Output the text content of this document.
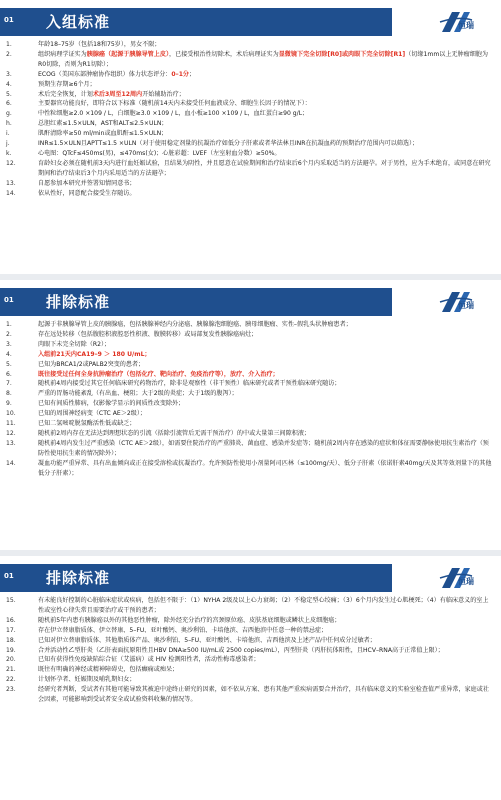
01 入组标准	恒瑞
1.	年龄18–75岁（包括18和75岁），男女不限；
2.	组织病理学证实为胰腺癌（起源于胰腺导管上皮），已接受根治性切除术，术后病理证实为显微镜下完全切除[R0]或肉眼下完全切除[R1]（切缘1mm以上无肿瘤细胞为R0切除，否则为R1切除）；
3.	ECOG（美国东部肿瘤协作组织）体力状态评分：0–1分；
4.	预期生存期≥6个月；
5.	术后完全恢复，计划术后3周至12周内开始辅助治疗；
6.	主要器官功能良好，即符合以下标准（随机前14天内未接受任何血液成分、细胞生长因子的情况下）：
g.	中性粒细胞≥2.0 ×109 / L，白细胞≥3.0 ×109 / L，血小板≥100 ×109 / L，血红蛋白≥90 g/L；
h.	总胆红素≤1.5×ULN，AST和ALT≤2.5×ULN；
i.	肌酐清除率≥50 ml/min或血肌酐≤1.5×ULN；
j.	INR≤1.5×ULN且APTT≤1.5 ×ULN（对于使用稳定剂量的抗凝治疗如低分子肝素或者华法林且INR在抗凝血药的预期治疗范围内可以筛选）；
k.	心电图：QTcF≤450ms(男)，≤470ms(女)；心脏彩超：LVEF（左室射血分数）≥50%。
12.	育龄妇女必须在随机前3天内进行血妊娠试验，且结果为阴性，并且愿意在试验期间和治疗结束后6个月内采取适当的方法避孕。对于男性，应为手术绝育，或同意在研究期间和治疗结束后3个月内采用适当的方法避孕；
13.	自愿参加本研究并签署知情同意书；
14.	依从性好，同意配合接受生存随访。
01 排除标准	恒瑞
1.	起源于非胰腺导管上皮的胰腺癌，包括胰腺神经内分泌癌、胰腺腺泡细胞癌、胰母细胞瘤、实性–假乳头状肿瘤患者；
2.	存在远处转移（包括腹腔积液腔恶性积液、腹膜转移）或局部复发性胰腺癌病灶；
3.	肉眼下未完全切除（R2）；
4.	入组前21天内CA19–9 ＞ 180 U/mL；
5.	已知为BRCA1/2或PALB2突变的患者；
6.	既往接受过任何全身抗肿瘤治疗（包括化疗、靶向治疗、免疫治疗等），放疗、介入治疗；
7.	随机前4周内接受过其它任何临床研究药物治疗，除非是观察性（非干预性）临床研究或者干预性临床研究随访；
8.	严重的胃肠功能紊乱（有出血、梗阻；大于2级的炎症；大于1级的腹泻）；
9.	已知有间质性肺病，仅影像学显示的间质性改变除外；
10.	已知的周围神经病变（CTC AE＞2级）；
11.	已知二氢嘧啶脱氢酶活性低或缺乏；
12.	随机前2周内存在无法达到理想状态的引流（括除引流管后无需干预治疗）的中或大量第三间隙积液；
13.	随机前4周内发生过严重感染（CTC AE＞2级），如需要住院治疗的严重肺炎、菌血症、感染并发症等；随机前2周内存在感染的症状和体征需要静脉使用抗生素治疗（预防性使用抗生素的情况除外）；
14.	凝血功能严重异常、具有出血倾向或正在接受溶栓或抗凝治疗。允许预防性使用小剂量阿司匹林（≤100mg/天）、低分子肝素（依诺肝素40mg/天及其等效剂量下的其他低分子肝素）；
01 排除标准	恒瑞
15.	有未能良好控制的心脏临床症状或疾病，包括但不限于：（1）NYHA 2级及以上心力衰竭；（2）不稳定型心绞痛；（3）6个月内发生过心肌梗死；（4）有临床意义的室上性或室性心律失常且需要治疗或干预的患者；
16.	随机前5年内患有胰腺癌以外的其他恶性肿瘤，除外经充分治疗的宫颈原位癌、皮肤基底细胞或鳞状上皮细胞癌；
17.	存在伊立替康脂质体、伊立替康、5–FU、亚叶酸钙、奥沙利铂、卡培他滨、吉西他滨中任意一种的禁忌症；
18.	已知对伊立替康脂质体、其他脂质体产品、奥沙利铂、5–FU、亚叶酸钙、卡培他滨、吉西他滨及上述产品中任何成分过敏者；
19.	合并活动性乙型肝炎（乙肝表面抗原阳性且HBV DNA≥500 IU/mL或 2500 copies/mL），丙型肝炎（丙肝抗体阳性，且HCV–RNA高于正常值上限）；
20.	已知有获得性免疫缺陷综合征（艾滋病）或 HIV 检测阳性者，活动性梅毒感染者；
21.	既往有明确的神经或精神障碍史，包括癫痫或痴呆；
22.	计划怀孕者、妊娠期及哺乳期妇女；
23.	经研究者判断，受试者有其他可能导致其被迫中途终止研究的因素，如不依从方案、患有其他严重疾病需要合并治疗，具有临床意义的实验室检查值严重异常，家庭或社会因素，可能影响到受试者安全或试验资料收集的情况等。
